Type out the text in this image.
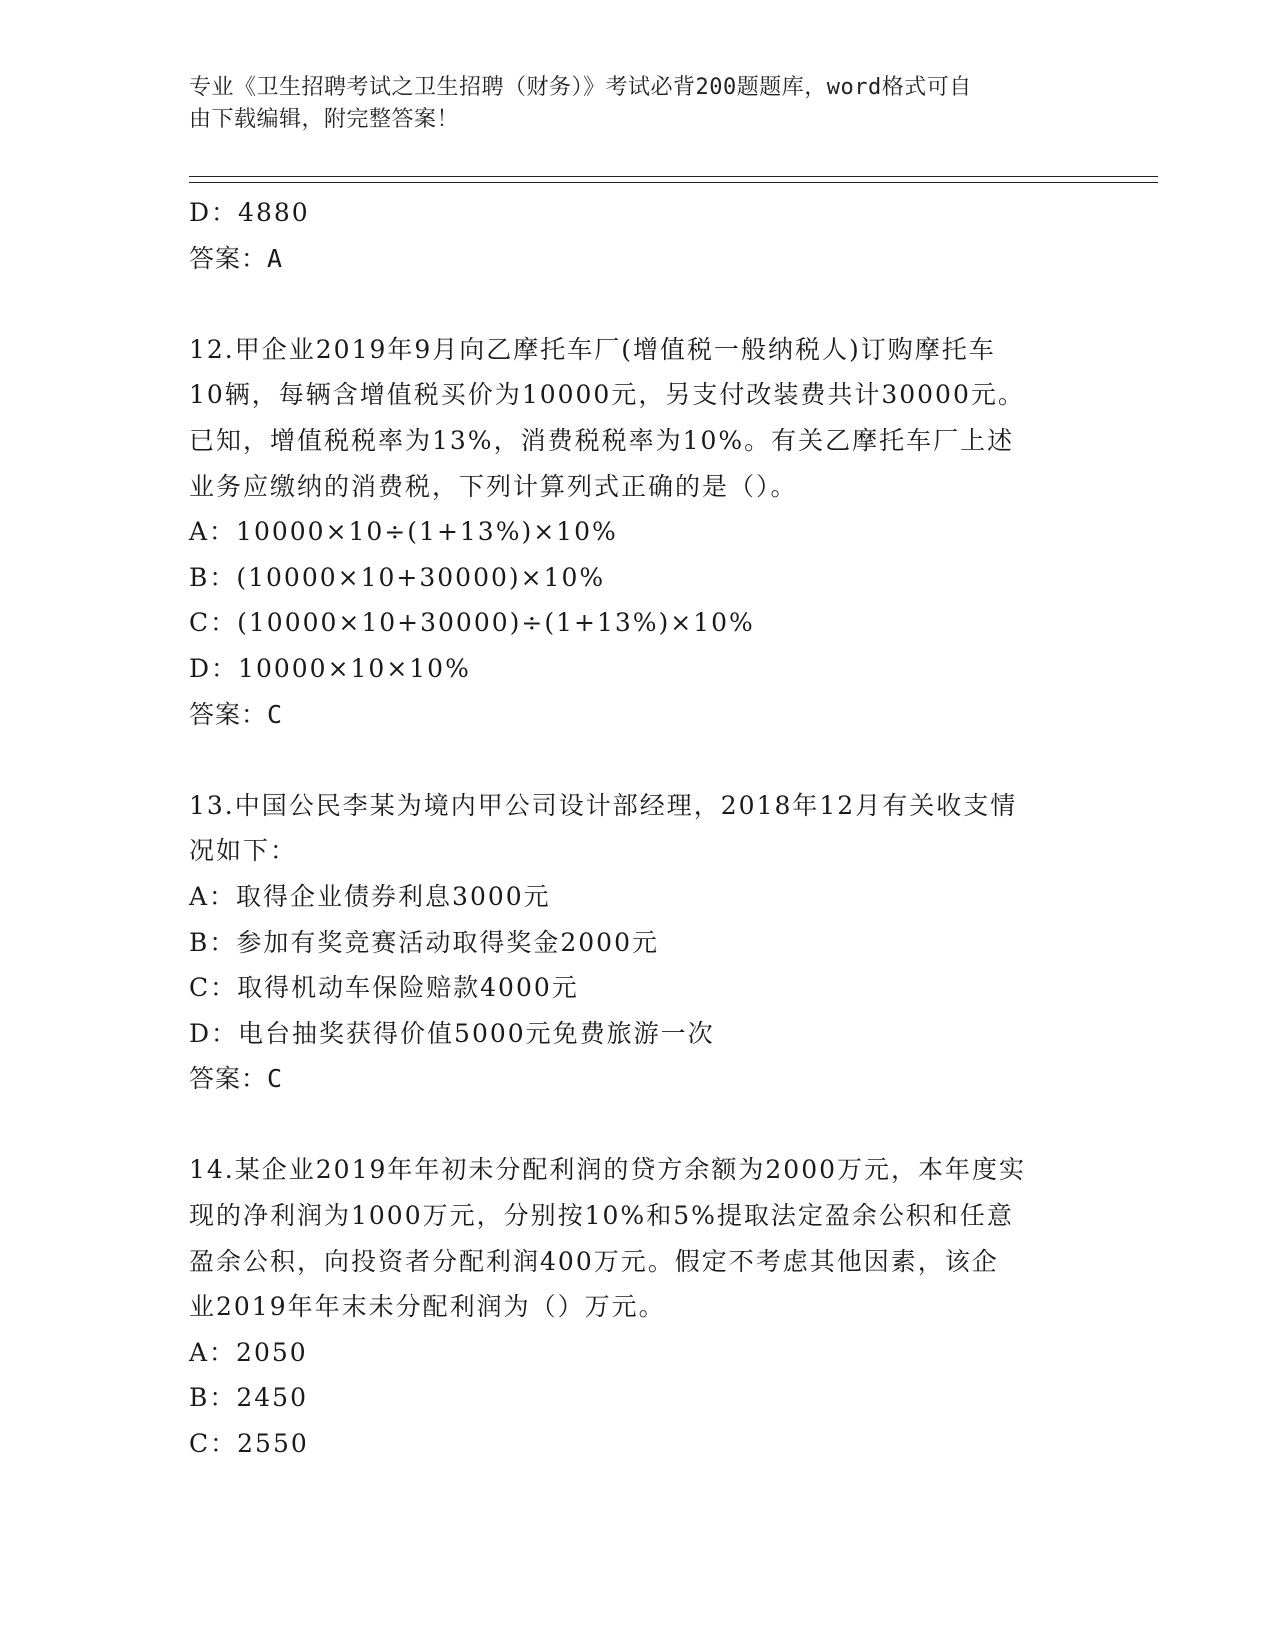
专业《卫生招聘考试之卫生招聘（财务）》考试必背200题题库，word格式可自
由下载编辑，附完整答案！
D：4880
答案：A
12.甲企业2019年9月向乙摩托车厂(增值税一般纳税人)订购摩托车
10辆，每辆含增值税买价为10000元，另支付改装费共计30000元。
已知，增值税税率为13%，消费税税率为10%。有关乙摩托车厂上述
业务应缴纳的消费税，下列计算列式正确的是（）。
A：10000×10÷(1+13%)×10%
B：(10000×10+30000)×10%
C：(10000×10+30000)÷(1+13%)×10%
D：10000×10×10%
答案：C
13.中国公民李某为境内甲公司设计部经理，2018年12月有关收支情
况如下：
A：取得企业债券利息3000元
B：参加有奖竞赛活动取得奖金2000元
C：取得机动车保险赔款4000元
D：电台抽奖获得价值5000元免费旅游一次
答案：C
14.某企业2019年年初未分配利润的贷方余额为2000万元，本年度实
现的净利润为1000万元，分别按10%和5%提取法定盈余公积和任意
盈余公积，向投资者分配利润400万元。假定不考虑其他因素，该企
业2019年年末未分配利润为（）万元。
A：2050
B：2450
C：2550
